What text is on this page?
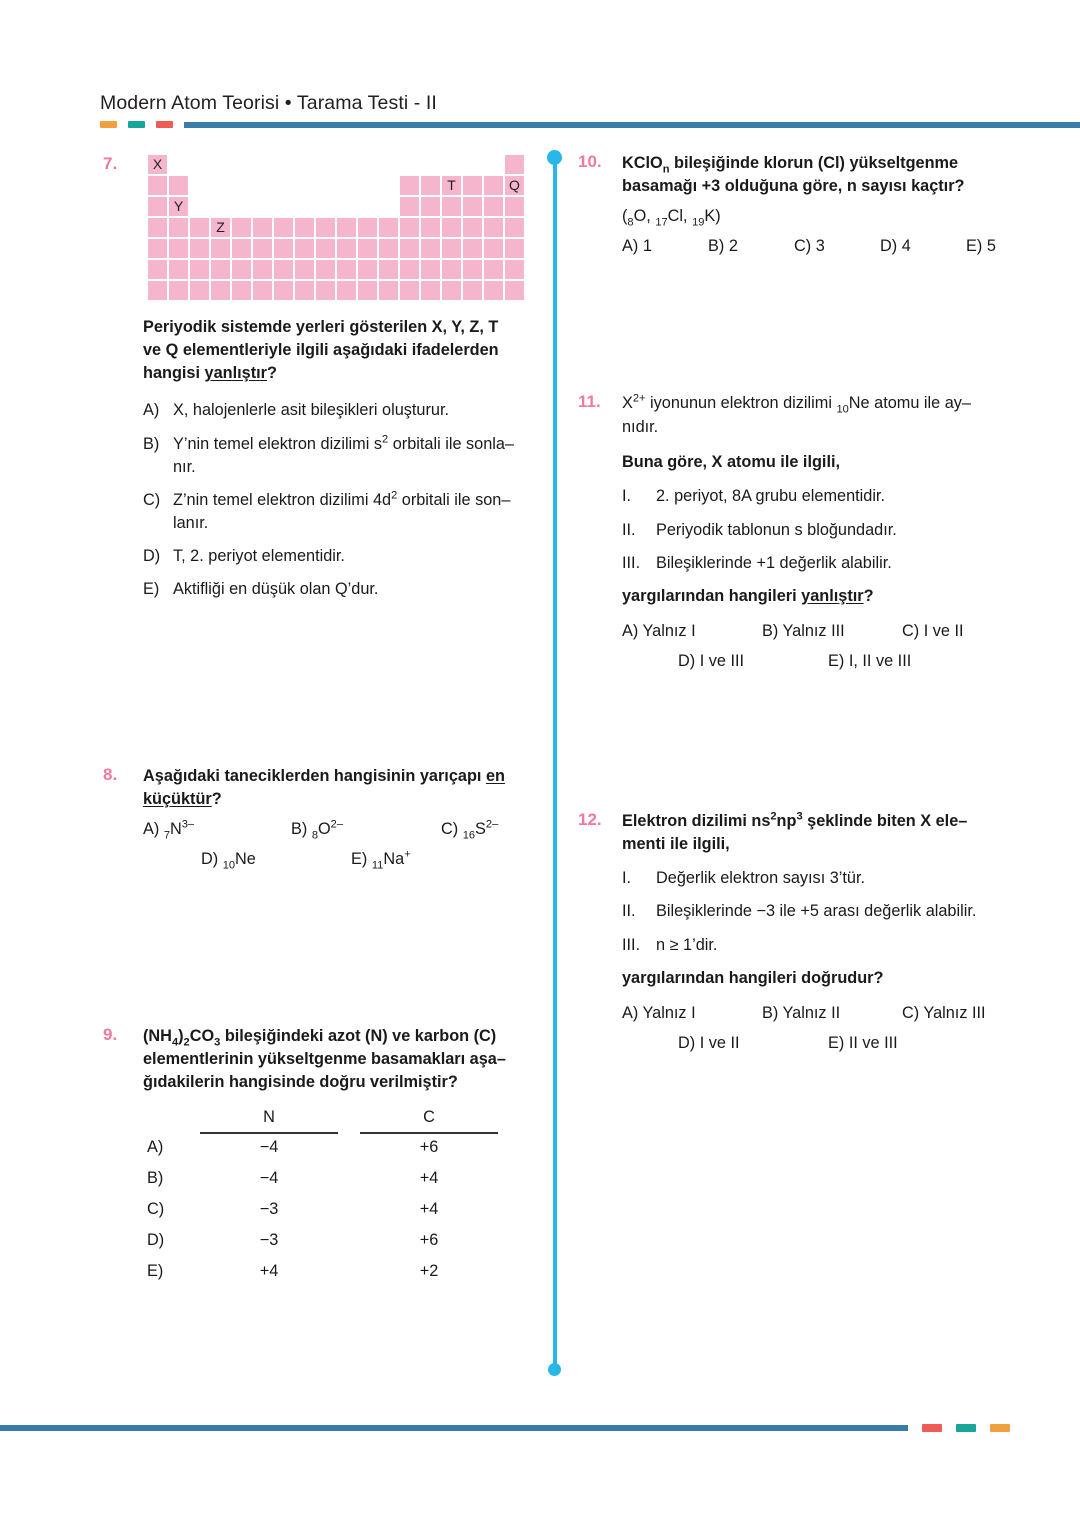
Modern Atom Teorisi • Tarama Testi - II
7.	X
T	Q
Y
Z
Periyodik sistemde yerleri gösterilen X, Y, Z, T
ve Q elementleriyle ilgili aşağıdaki ifadelerden
hangisi yanlıştır?
A) X, halojenlerle asit bileşikleri oluşturur.
B) Y’nin temel elektron dizilimi $s^2$ orbitali ile sonla–
nır.
C) Z’nin temel elektron dizilimi $4d^2$ orbitali ile son–
lanır.
D) T, 2. periyot elementidir.
E) Aktifliği en düşük olan Q’dur.
8.	Aşağıdaki taneciklerden hangisinin yarıçapı en
küçüktür?
A) $_7N^{3-}$	B) $_8O^{2-}$	C) $_{16}S^{2-}$
D) $_{10}$Ne	E) $_{11}$Na+
9.	$(NH_4)_2CO_3$ bileşiğindeki azot (N) ve karbon (C)
elementlerinin yükseltgenme basamakları aşa–
ğıdakilerin hangisinde doğru verilmiştir?
N	C
A)	−4	+6
B)	−4	+4
C)	−3	+4
D)	−3	+6
E)	+4	+2
10.	KClO$_n$ bileşiğinde klorun (Cl) yükseltgenme
basamağı +3 olduğuna göre, n sayısı kaçtır?
($_8O$, $_{17}$Cl, $_{19}$K)
A) 1	B) 2	C) 3	D) 4	E) 5
11.	$X^{2+}$ iyonunun elektron dizilimi $_{10}$Ne atomu ile ay–
nıdır.
Buna göre, X atomu ile ilgili,
I.	2. periyot, 8A grubu elementidir.
II.	Periyodik tablonun s bloğundadır.
III. Bileşiklerinde +1 değerlik alabilir.
yargılarından hangileri yanlıştır?
A) Yalnız I	B) Yalnız III	C) I ve II
D) I ve III	E) I, II ve III
12.	Elektron dizilimi $ns^2np^3$ şeklinde biten X ele–
menti ile ilgili,
I.	Değerlik elektron sayısı 3’tür.
II.	Bileşiklerinde −3 ile +5 arası değerlik alabilir.
III. n ≥ 1’dir.
yargılarından hangileri doğrudur?
A) Yalnız I	B) Yalnız II	C) Yalnız III
D) I ve II	E) II ve III
